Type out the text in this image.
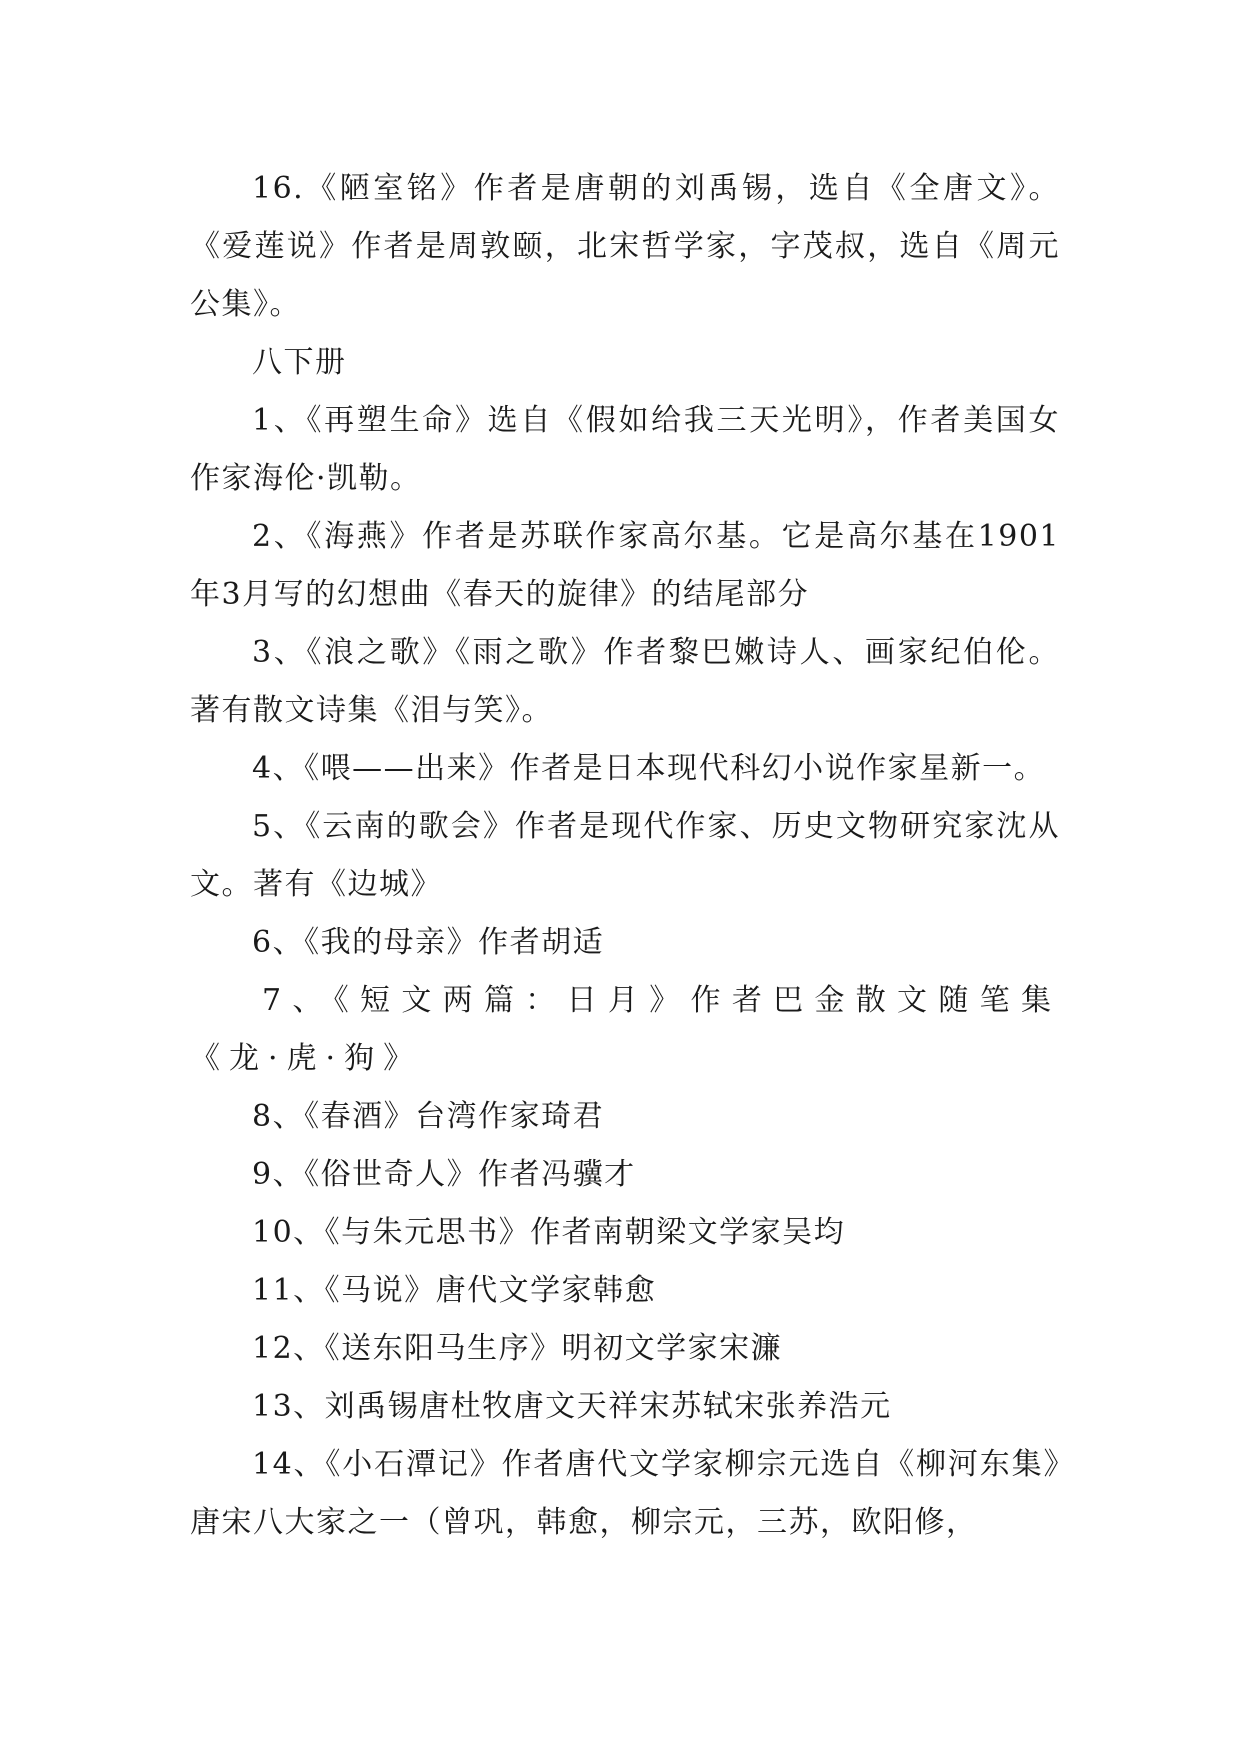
16.《陋室铭》作者是唐朝的刘禹锡，选自《全唐文》。《爱莲说》作者是周敦颐，北宋哲学家，字茂叔，选自《周元公集》。

八下册

1、《再塑生命》选自《假如给我三天光明》，作者美国女作家海伦·凯勒。

2、《海燕》作者是苏联作家高尔基。它是高尔基在1901年3月写的幻想曲《春天的旋律》的结尾部分

3、《浪之歌》《雨之歌》作者黎巴嫩诗人、画家纪伯伦。著有散文诗集《泪与笑》。

4、《喂——出来》作者是日本现代科幻小说作家星新一。

5、《云南的歌会》作者是现代作家、历史文物研究家沈从文。著有《边城》

6、《我的母亲》作者胡适

7、《短文两篇：日月》作者巴金散文随笔集《龙·虎·狗》

8、《春酒》台湾作家琦君

9、《俗世奇人》作者冯骥才

10、《与朱元思书》作者南朝梁文学家吴均

11、《马说》唐代文学家韩愈

12、《送东阳马生序》明初文学家宋濂

13、刘禹锡唐杜牧唐文天祥宋苏轼宋张养浩元

14、《小石潭记》作者唐代文学家柳宗元选自《柳河东集》唐宋八大家之一（曾巩，韩愈，柳宗元，三苏，欧阳修，
